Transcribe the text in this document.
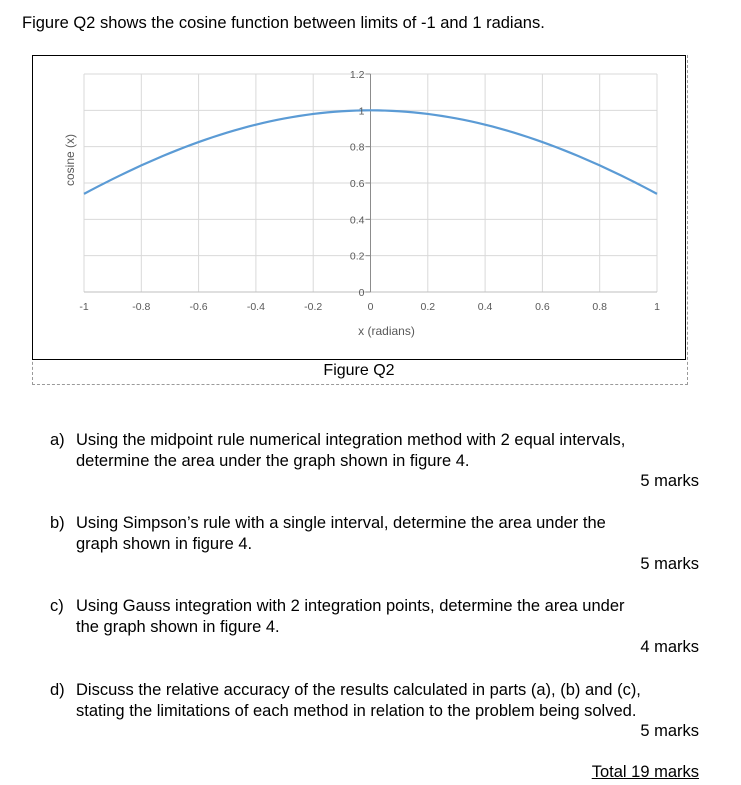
Figure Q2 shows the cosine function between limits of -1 and 1 radians.
0
0.2
0.4
0.6
0.8
1
1.2
-1	-0.8	-0.6	-0.4	-0.2	0	0.2	0.4	0.6	0.8	1
x (radians)
cosine (x)
Figure Q2
a) Using the midpoint rule numerical integration method with 2 equal intervals,
determine the area under the graph shown in figure 4.
5 marks
b) Using Simpson’s rule with a single interval, determine the area under the
graph shown in figure 4.
5 marks
c) Using Gauss integration with 2 integration points, determine the area under
the graph shown in figure 4.
4 marks
d) Discuss the relative accuracy of the results calculated in parts (a), (b) and (c),
stating the limitations of each method in relation to the problem being solved.
5 marks
Total 19 marks
